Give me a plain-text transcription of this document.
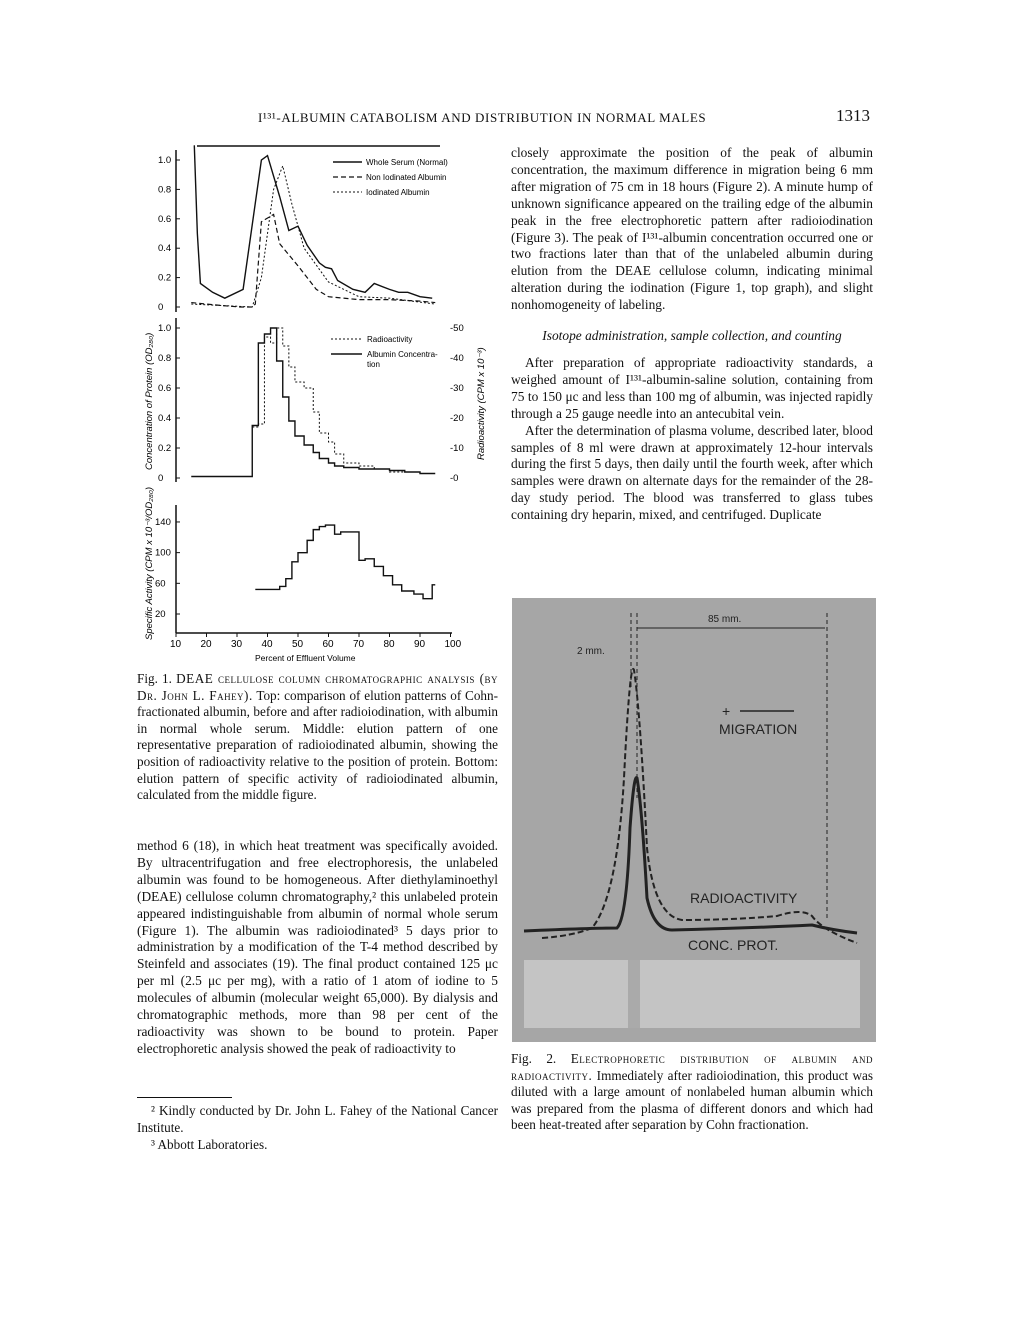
I¹³¹-ALBUMIN CATABOLISM AND DISTRIBUTION IN NORMAL MALES	1313
10 20 30 40 50 60 70 80 90 100
1.0
0.8
0.6
0.4
0.2
0
1.0
0.8
0.6
0.4
0.2
0
140
100
60
20
-50
-40
-30
-20
-10
-0
Whole Serum (Normal)
Non Iodinated Albumin
Iodinated Albumin
Radioactivity
Albumin Concentra-
tion
Concentration of Protein (OD₂₈₀)	Radioactivity (CPM x 10⁻³)
Specific Activity (CPM x 10⁻³/OD₂₈₀)
Percent of Effluent Volume
Fig. 1. DEAE cellulose column chromatographic analysis (by Dr. John L. Fahey). Top: comparison of elution patterns of Cohn-fractionated albumin, before and after radioiodination, with albumin in normal whole serum. Middle: elution pattern of one representative preparation of radioiodinated albumin, showing the position of radioactivity relative to the position of protein. Bottom: elution pattern of specific activity of radioiodinated albumin, calculated from the middle figure.

method 6 (18), in which heat treatment was specifically avoided. By ultracentrifugation and free electrophoresis, the unlabeled albumin was found to be homogeneous. After diethylaminoethyl (DEAE) cellulose column chromatography,² this unlabeled protein appeared indistinguishable from albumin of normal whole serum (Figure 1). The albumin was radioiodinated³ 5 days prior to administration by a modification of the T-4 method described by Steinfeld and associates (19). The final product contained 125 μc per ml (2.5 μc per mg), with a ratio of 1 atom of iodine to 5 molecules of albumin (molecular weight 65,000). By dialysis and chromatographic methods, more than 98 per cent of the radioactivity was shown to be bound to protein. Paper electrophoretic analysis showed the peak of radioactivity to

² Kindly conducted by Dr. John L. Fahey of the National Cancer Institute.

³ Abbott Laboratories.

closely approximate the position of the peak of albumin concentration, the maximum difference in migration being 6 mm after migration of 75 cm in 18 hours (Figure 2). A minute hump of unknown significance appeared on the trailing edge of the albumin peak in the free electrophoretic pattern after radioiodination (Figure 3). The peak of I¹³¹-albumin concentration occurred one or two fractions later than that of the unlabeled albumin during elution from the DEAE cellulose column, indicating minimal alteration during the iodination (Figure 1, top graph), and slight nonhomogeneity of labeling.

Isotope administration, sample collection, and counting

After preparation of appropriate radioactivity standards, a weighed amount of I¹³¹-albumin-saline solution, containing from 75 to 150 μc and less than 100 mg of albumin, was injected rapidly through a 25 gauge needle into an antecubital vein.

After the determination of plasma volume, described later, blood samples of 8 ml were drawn at approximately 12-hour intervals during the first 5 days, then daily until the fourth week, after which samples were drawn on alternate days for the remainder of the 28-day study period. The blood was transferred to glass tubes containing dry heparin, mixed, and centrifuged. Duplicate

85 mm.
2 mm.
+
MIGRATION
RADIOACTIVITY
CONC. PROT.
Fig. 2. Electrophoretic distribution of albumin and radioactivity. Immediately after radioiodination, this product was diluted with a large amount of nonlabeled human albumin which was prepared from the plasma of different donors and which had been heat-treated after separation by Cohn fractionation.
